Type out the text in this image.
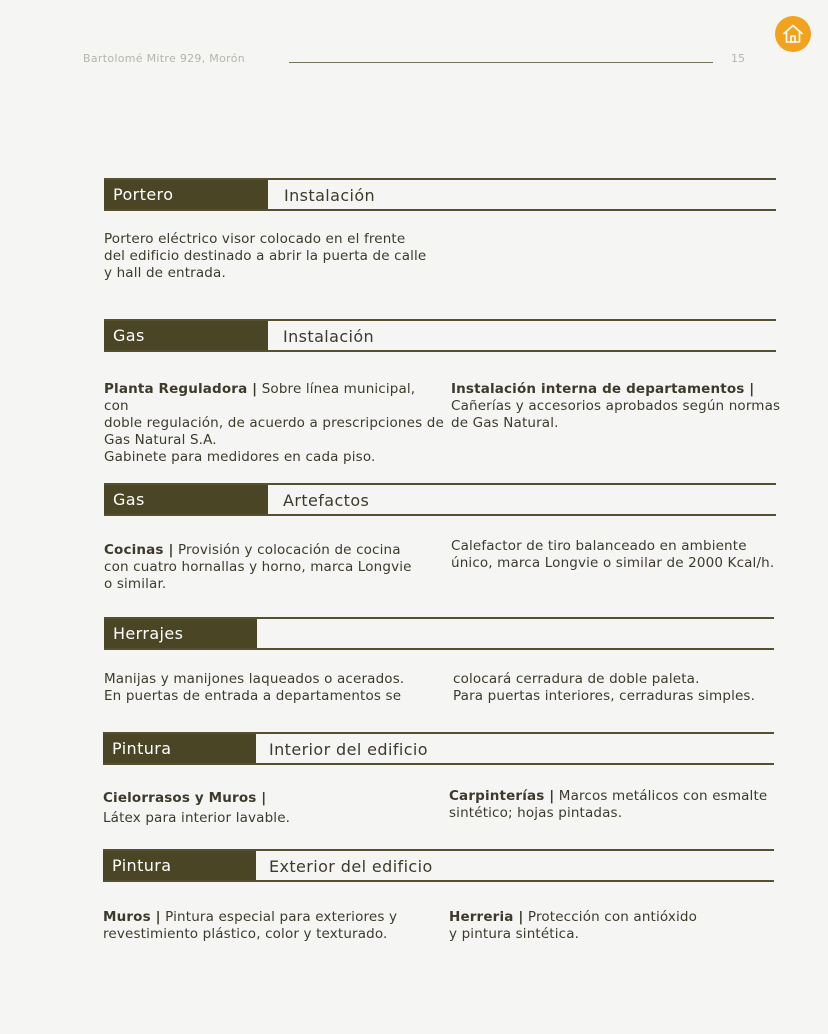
Bartolomé Mitre 929, Morón	15
Portero	Instalación
Portero eléctrico visor colocado en el frente
del edificio destinado a abrir la puerta de calle
y hall de entrada.
Gas	Instalación
Planta Reguladora | Sobre línea municipal, con
doble regulación, de acuerdo a prescripciones de
Gas Natural S.A.
Gabinete para medidores en cada piso.
Instalación interna de departamentos |
Cañerías y accesorios aprobados según normas
de Gas Natural.
Gas	Artefactos
Cocinas | Provisión y colocación de cocina
con cuatro hornallas y horno, marca Longvie
o similar.
Calefactor de tiro balanceado en ambiente
único, marca Longvie o similar de 2000 Kcal/h.
Herrajes
Manijas y manijones laqueados o acerados.
En puertas de entrada a departamentos se
colocará cerradura de doble paleta.
Para puertas interiores, cerraduras simples.
Pintura	Interior del edificio
Cielorrasos y Muros |
Látex para interior lavable.
Carpinterías | Marcos metálicos con esmalte
sintético; hojas pintadas.
Pintura	Exterior del edificio
Muros | Pintura especial para exteriores y
revestimiento plástico, color y texturado.
Herreria | Protección con antióxido
y pintura sintética.
